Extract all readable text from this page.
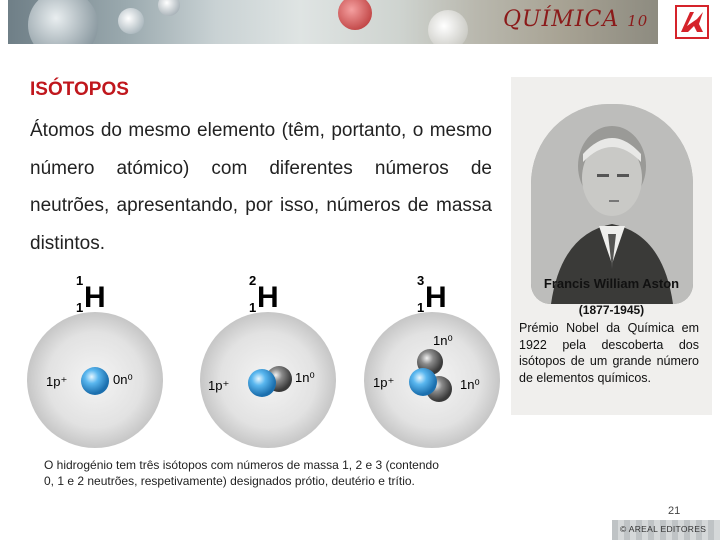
QUÍMICA 10
ISÓTOPOS

Átomos do mesmo elemento (têm, portanto, o mesmo número atómico) com diferentes números de neutrões, apresentando, por isso, números de massa distintos.

Francis William Aston
(1877-1945)

Prémio Nobel da Química em 1922 pela descoberta dos isótopos de um grande número de elementos químicos.

1
1 H
1p⁺	0n⁰
2
1 H
1p⁺
1n⁰
3
1 H
1p⁺
1n⁰
1n⁰

O hidrogénio tem três isótopos com números de massa 1, 2 e 3 (contendo 0, 1 e 2 neutrões, respetivamente) designados prótio, deutério e trítio.

21
© AREAL EDITORES
